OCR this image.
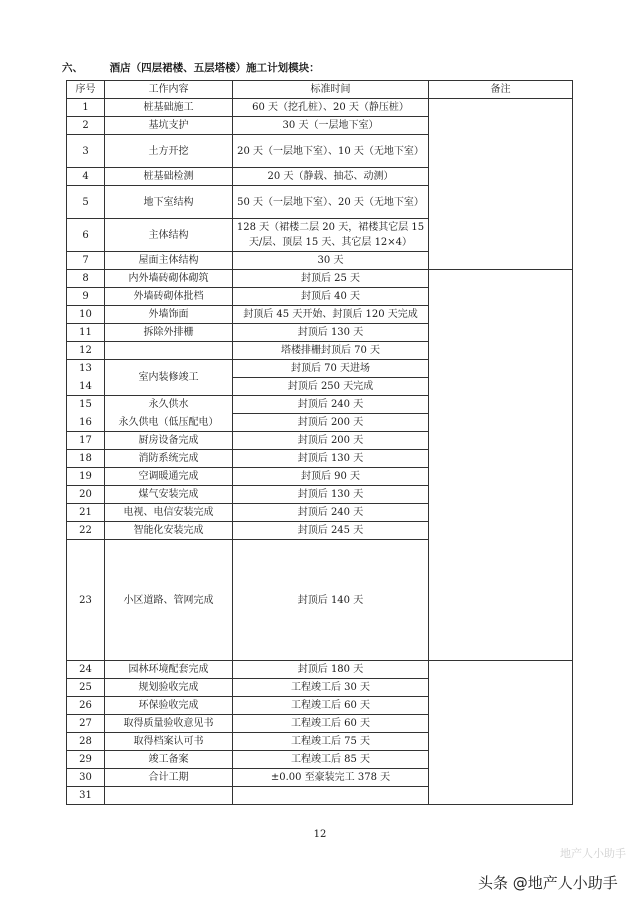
六、	酒店（四层裙楼、五层塔楼）施工计划模块：
序号	工作内容	标准时间	备注	
1	桩基础施工	60 天（挖孔桩）、20 天（静压桩）		
2	基坑支护	30 天（一层地下室）		
3	土方开挖	20 天（一层地下室）、10 天（无地下室）		
4	桩基础检测	20 天（静载、抽芯、动测）		
5	地下室结构	50 天（一层地下室）、20 天（无地下室）		
6	主体结构	128 天（裙楼二层 20 天，裙楼其它层 15 天/层、顶层 15 天、其它层 12×4）		
7	屋面主体结构	30 天		
8	内外墙砖砌体砌筑	封顶后 25 天		
9	外墙砖砌体批档	封顶后 40 天		
10	外墙饰面	封顶后 45 天开始、封顶后 120 天完成		
11	拆除外排栅	封顶后 130 天		
12		塔楼排栅封顶后 70 天		
13	室内装修竣工	封顶后 70 天进场		
14		封顶后 250 天完成		
15	永久供水	封顶后 240 天		
16	永久供电（低压配电）	封顶后 200 天		
17	厨房设备完成	封顶后 200 天		
18	消防系统完成	封顶后 130 天		
19	空调暖通完成	封顶后 90 天		
20	煤气安装完成	封顶后 130 天		
21	电视、电信安装完成	封顶后 240 天		
22	智能化安装完成	封顶后 245 天		
23	小区道路、管网完成	封顶后 140 天	
24	园林环境配套完成	封顶后 180 天		
25	规划验收完成	工程竣工后 30 天		
26	环保验收完成	工程竣工后 60 天		
27	取得质量验收意见书	工程竣工后 60 天		
28	取得档案认可书	工程竣工后 75 天		
29	竣工备案	工程竣工后 85 天		
30	合计工期	±0.00 至豪装完工 378 天		
31				
12
地产人小助手
头条 @地产人小助手
